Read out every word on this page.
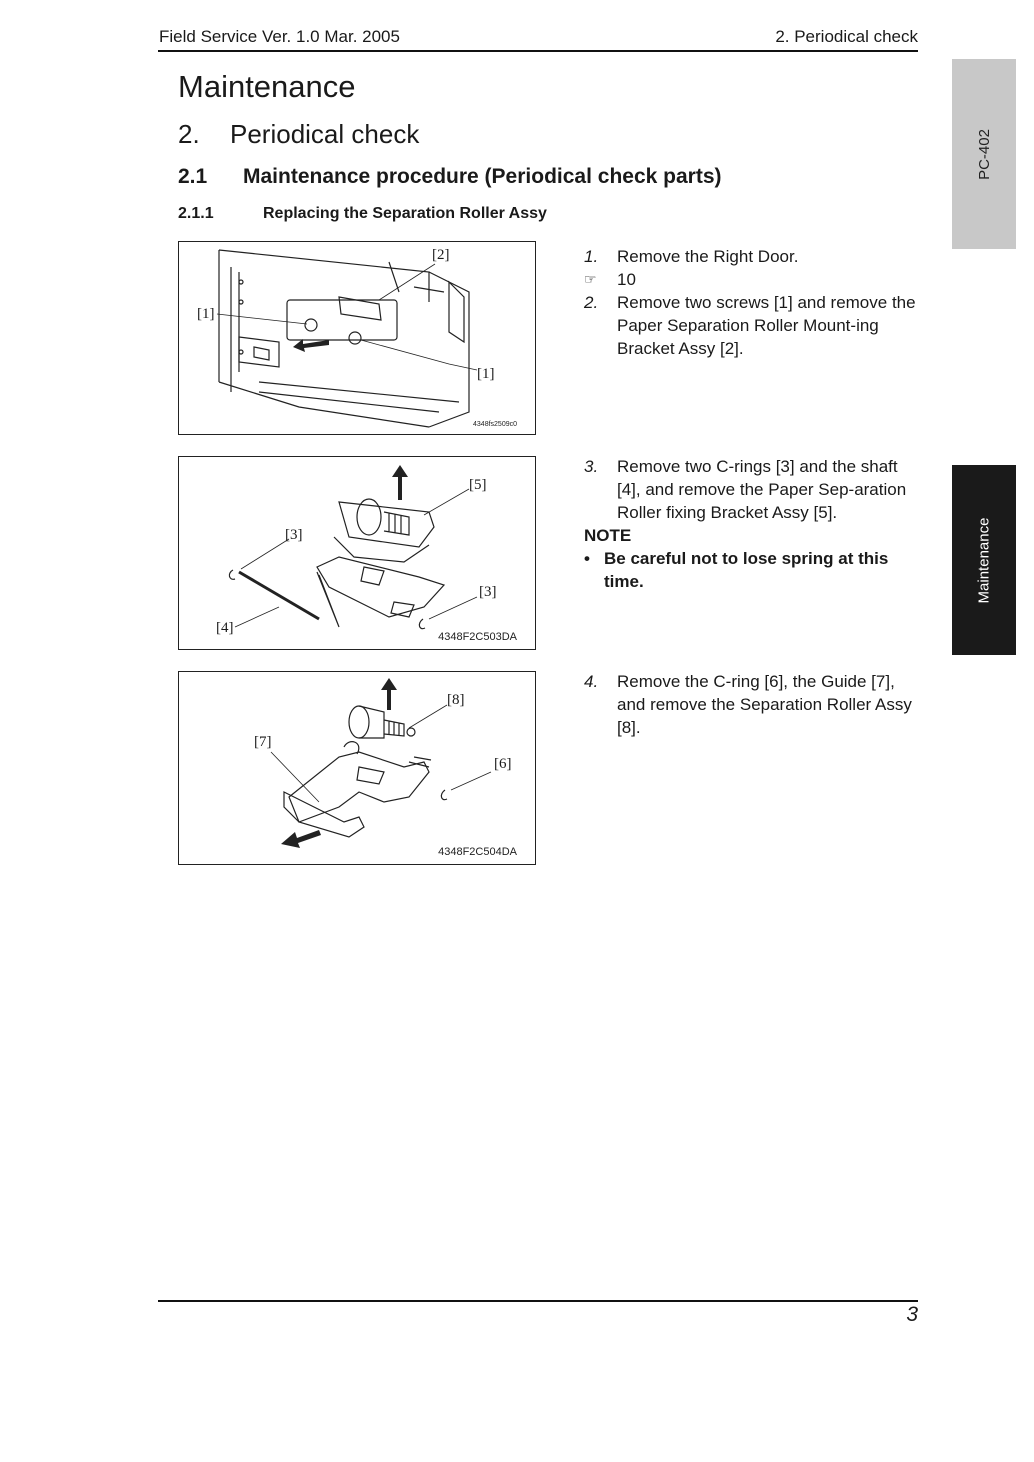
Field Service Ver. 1.0 Mar. 2005	2. Periodical check
Maintenance
2. Periodical check
2.1 Maintenance procedure (Periodical check parts)
2.1.1	Replacing the Separation Roller Assy
PC-402
Maintenance
[2]
[1]
[1]
4348fs2509c0
[5]
[3]
[3]
[4]
4348F2C503DA
[8]
[7]
[6]
4348F2C504DA
1.	Remove the Right Door.
☞	10
2.	Remove two screws [1] and remove the Paper Separation Roller Mount-ing Bracket Assy [2].
3.	Remove two C-rings [3] and the shaft [4], and remove the Paper Sep-aration Roller fixing Bracket Assy [5].
NOTE
• Be careful not to lose spring at this time.
4.	Remove the C-ring [6], the Guide [7], and remove the Separation Roller Assy [8].
3
